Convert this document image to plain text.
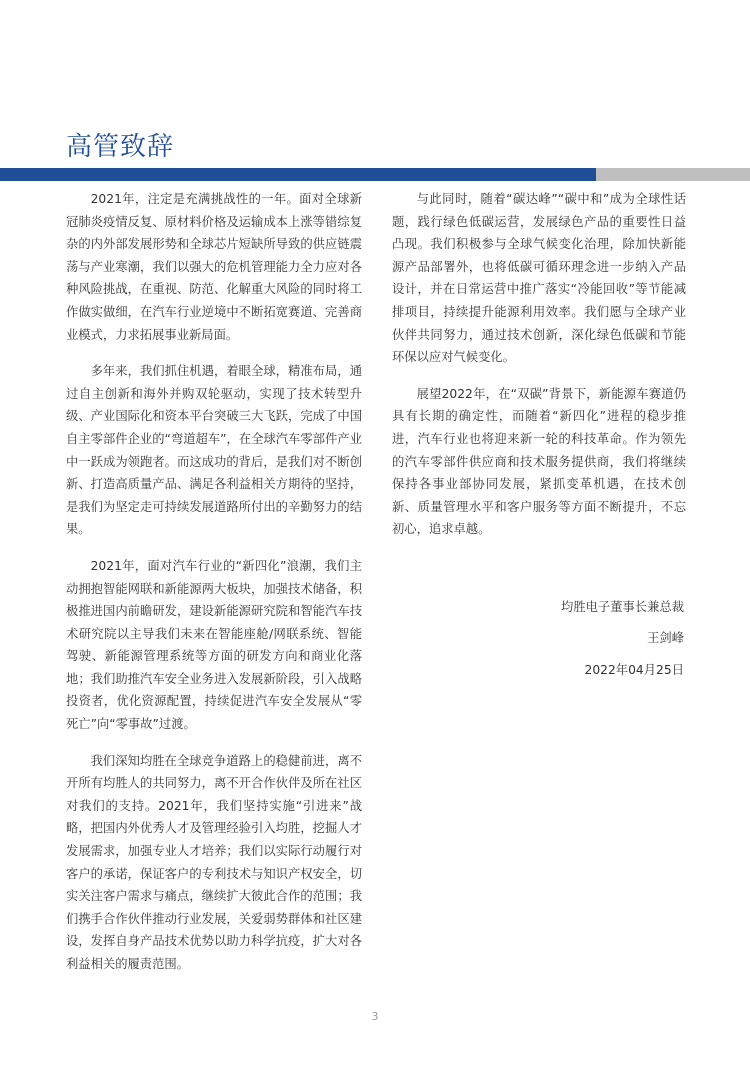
高管致辞

2021年，注定是充满挑战性的一年。面对全球新冠肺炎疫情反复、原材料价格及运输成本上涨等错综复杂的内外部发展形势和全球芯片短缺所导致的供应链震荡与产业寒潮，我们以强大的危机管理能力全力应对各种风险挑战，在重视、防范、化解重大风险的同时将工作做实做细，在汽车行业逆境中不断拓宽赛道、完善商业模式，力求拓展事业新局面。

多年来，我们抓住机遇，着眼全球，精准布局，通过自主创新和海外并购双轮驱动，实现了技术转型升级、产业国际化和资本平台突破三大飞跃，完成了中国自主零部件企业的“弯道超车”，在全球汽车零部件产业中一跃成为领跑者。而这成功的背后，是我们对不断创新、打造高质量产品、满足各利益相关方期待的坚持，是我们为坚定走可持续发展道路所付出的辛勤努力的结果。

2021年，面对汽车行业的“新四化”浪潮，我们主动拥抱智能网联和新能源两大板块，加强技术储备，积极推进国内前瞻研发，建设新能源研究院和智能汽车技术研究院以主导我们未来在智能座舱/网联系统、智能驾驶、新能源管理系统等方面的研发方向和商业化落地；我们助推汽车安全业务进入发展新阶段，引入战略投资者，优化资源配置，持续促进汽车安全发展从“零死亡”向“零事故”过渡。

我们深知均胜在全球竞争道路上的稳健前进，离不开所有均胜人的共同努力，离不开合作伙伴及所在社区对我们的支持。2021年，我们坚持实施“引进来”战略，把国内外优秀人才及管理经验引入均胜，挖掘人才发展需求，加强专业人才培养；我们以实际行动履行对客户的承诺，保证客户的专利技术与知识产权安全，切实关注客户需求与痛点，继续扩大彼此合作的范围；我们携手合作伙伴推动行业发展，关爱弱势群体和社区建设，发挥自身产品技术优势以助力科学抗疫，扩大对各利益相关的履责范围。

与此同时，随着“碳达峰”“碳中和”成为全球性话题，践行绿色低碳运营，发展绿色产品的重要性日益凸现。我们积极参与全球气候变化治理，除加快新能源产品部署外，也将低碳可循环理念进一步纳入产品设计，并在日常运营中推广落实“冷能回收”等节能减排项目，持续提升能源利用效率。我们愿与全球产业伙伴共同努力，通过技术创新，深化绿色低碳和节能环保以应对气候变化。

展望2022年，在“双碳”背景下，新能源车赛道仍具有长期的确定性，而随着“新四化”进程的稳步推进，汽车行业也将迎来新一轮的科技革命。作为领先的汽车零部件供应商和技术服务提供商，我们将继续保持各事业部协同发展，紧抓变革机遇，在技术创新、质量管理水平和客户服务等方面不断提升，不忘初心，追求卓越。

均胜电子董事长兼总裁
王剑峰
2022年04月25日
3
